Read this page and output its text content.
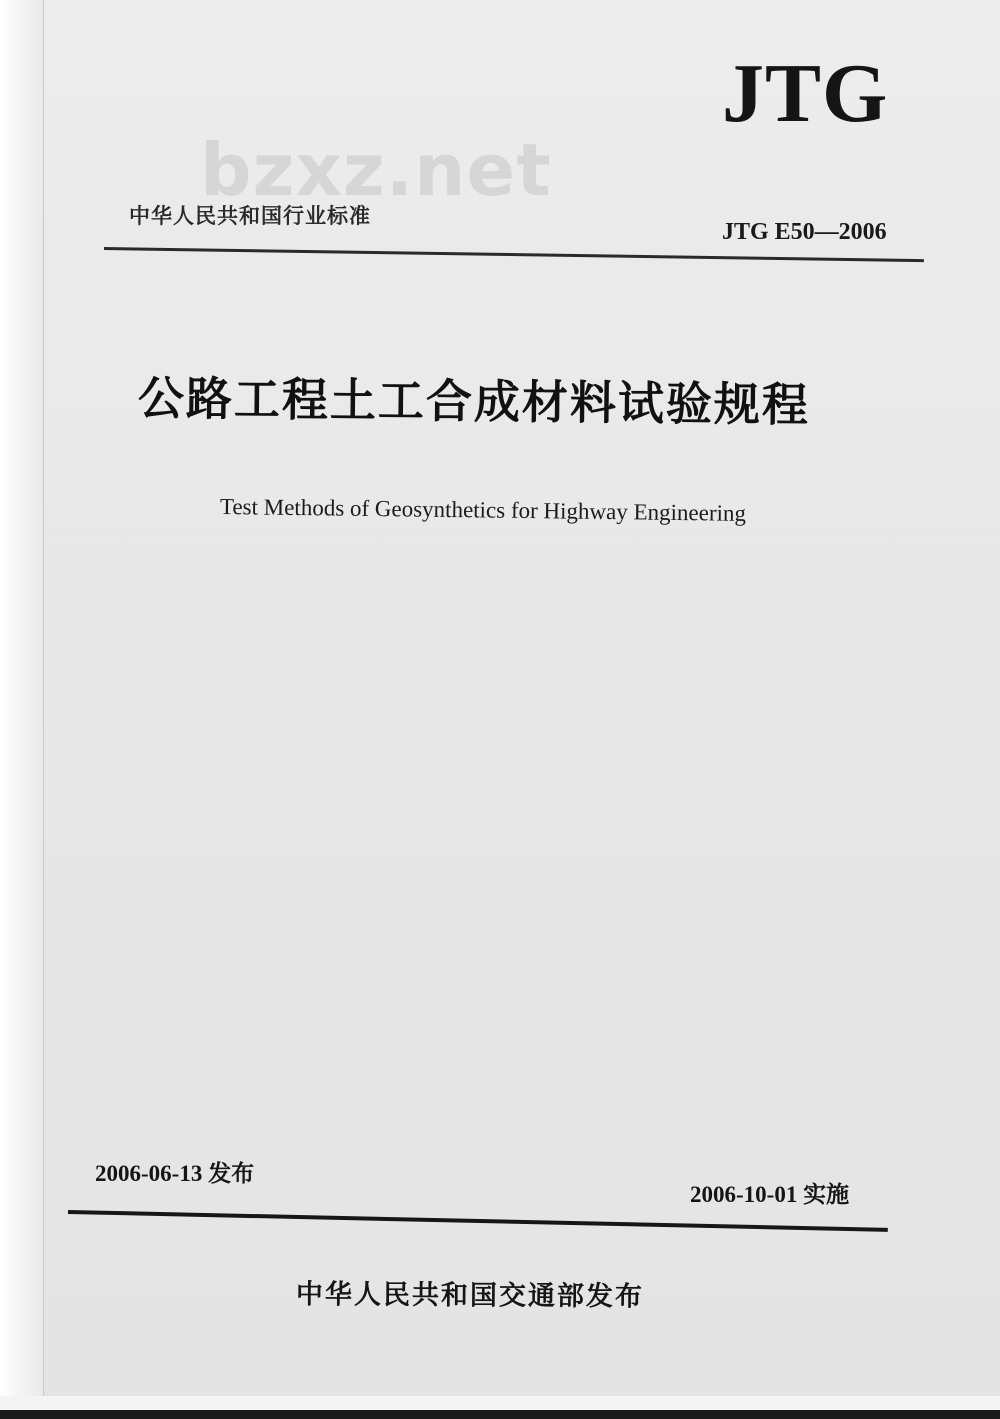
JTG
bzxz.net
中华人民共和国行业标准
JTG E50—2006
公路工程土工合成材料试验规程
Test Methods of Geosynthetics for Highway Engineering
2006-06-13 发布
2006-10-01 实施
中华人民共和国交通部发布
